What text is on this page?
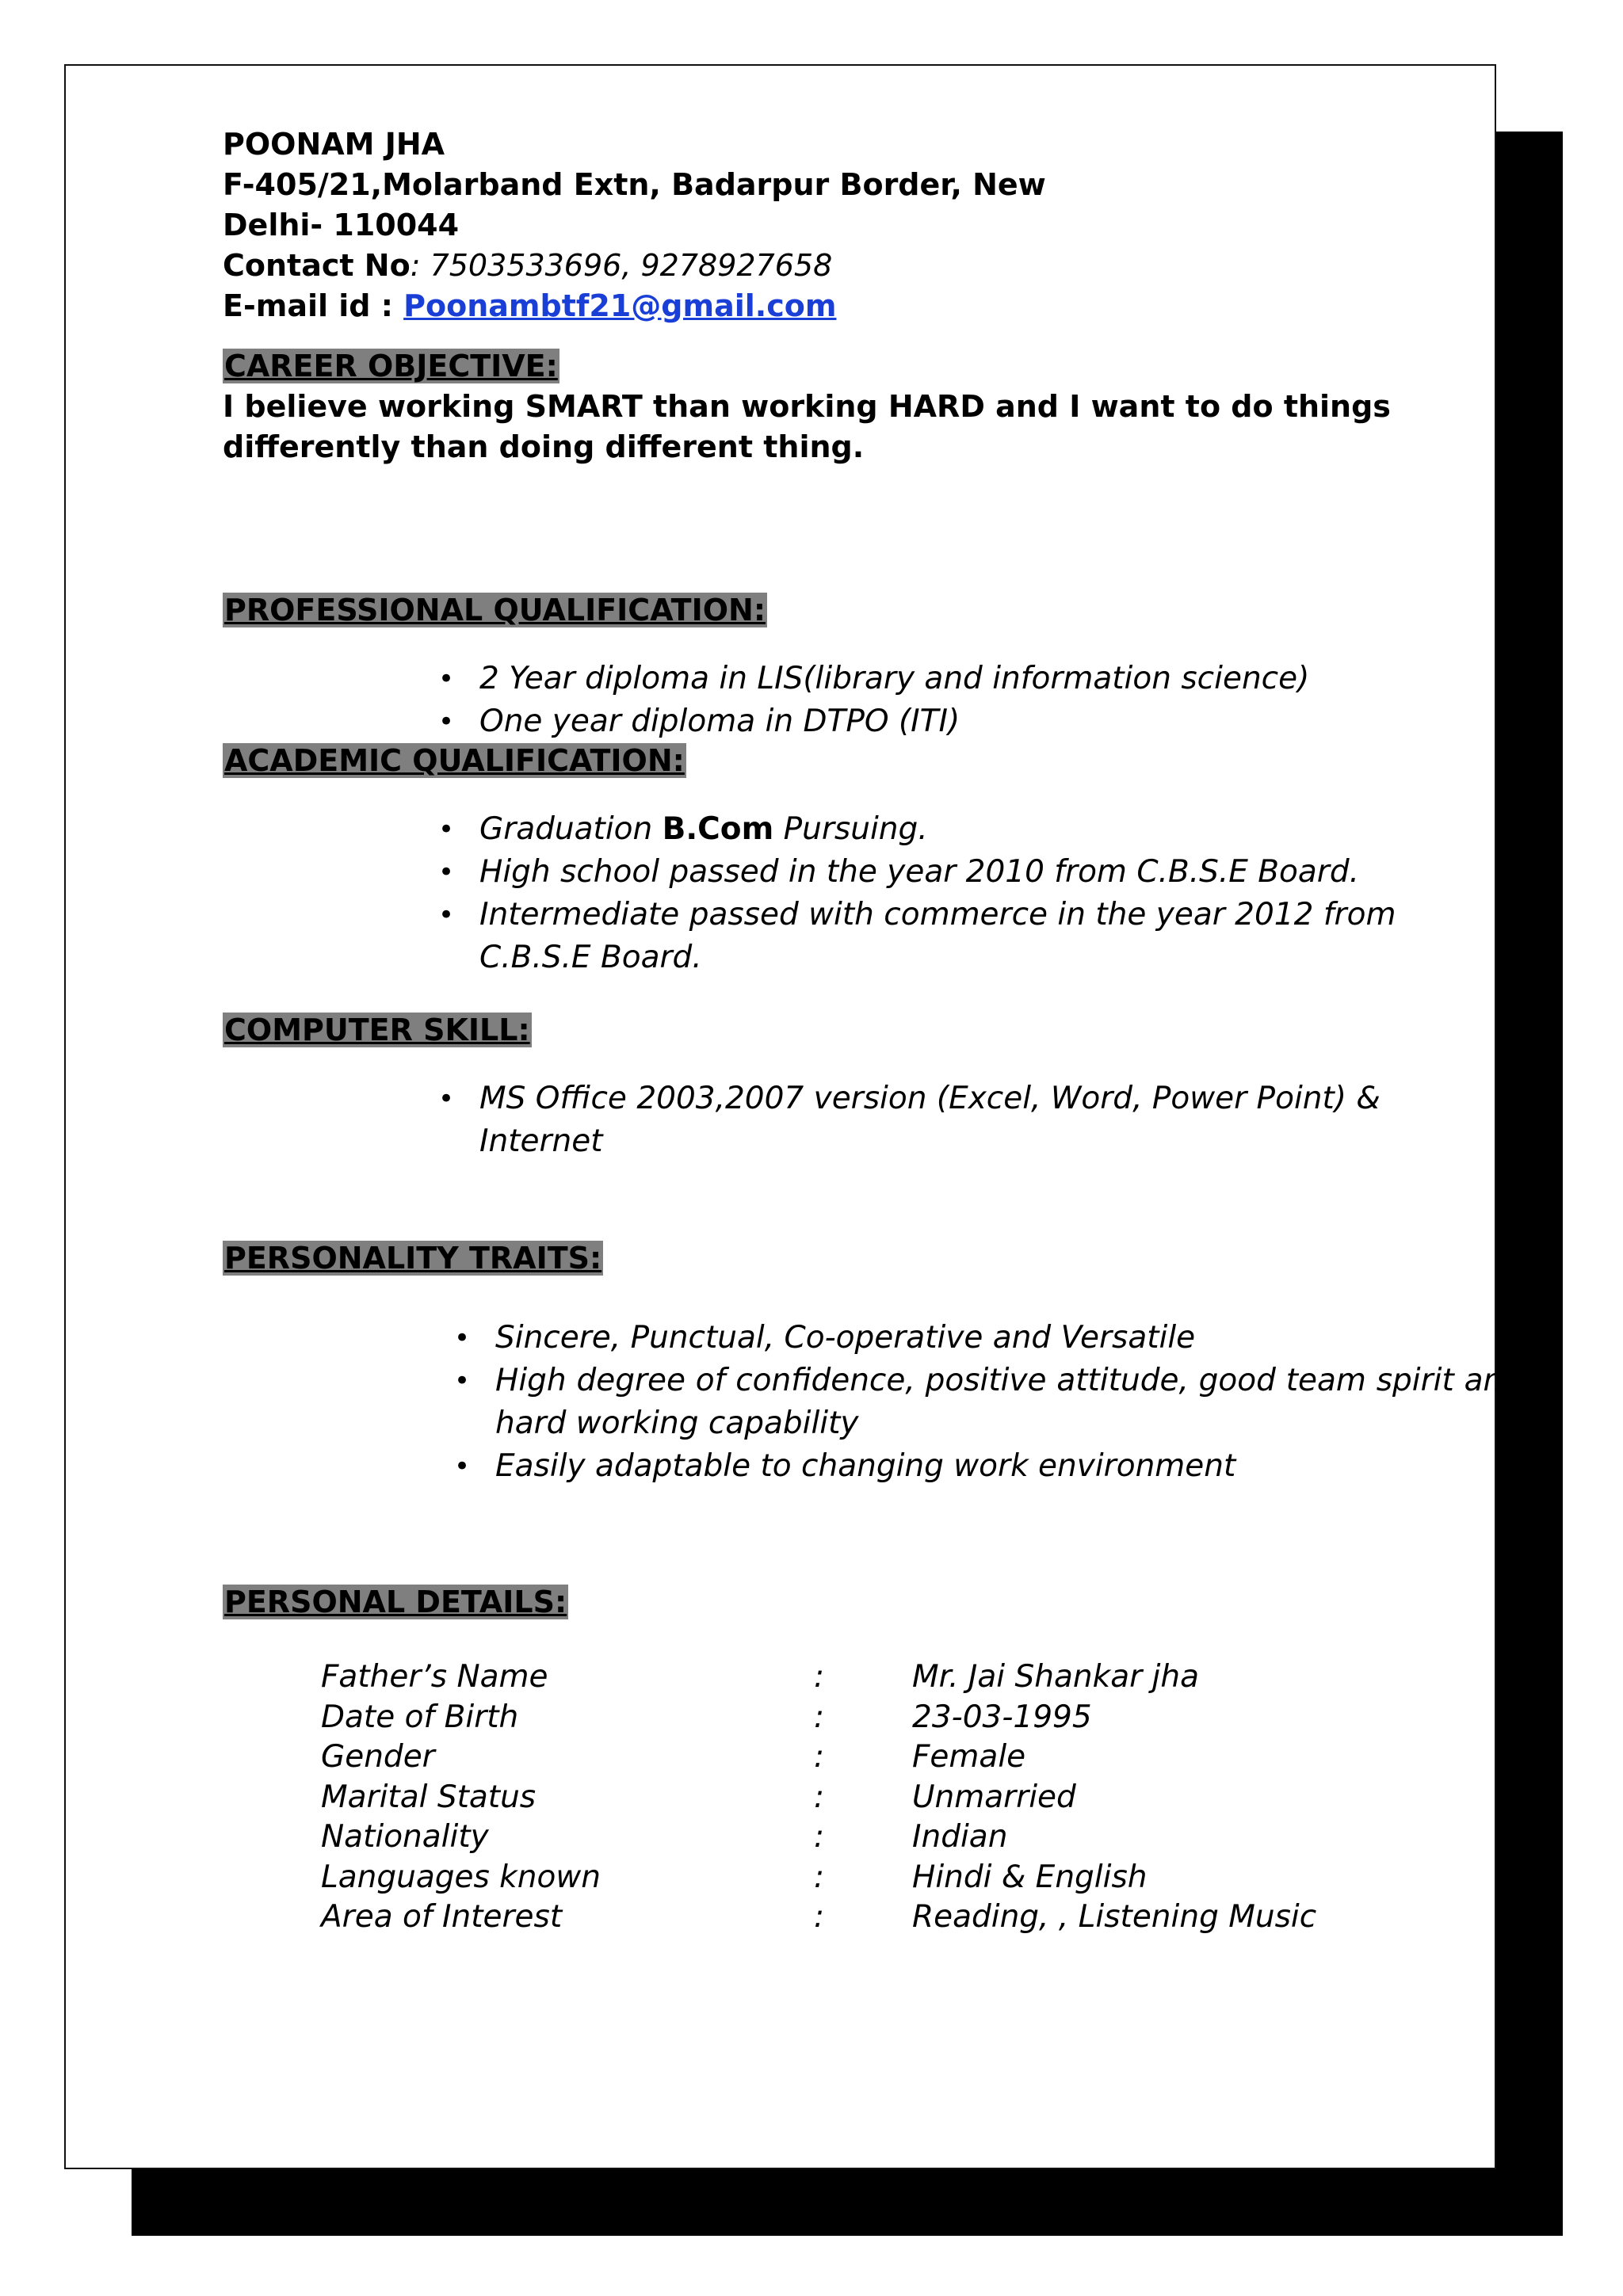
POONAM JHA
F-405/21,Molarband Extn, Badarpur Border, New
Delhi- 110044
Contact No: 7503533696, 9278927658
E-mail id : Poonambtf21@gmail.com
CAREER OBJECTIVE:
I believe working SMART than working HARD and I want to do things differently than doing different thing.
PROFESSIONAL QUALIFICATION:
• 2 Year diploma in LIS(library and information science)
• One year diploma in DTPO (ITI)
ACADEMIC QUALIFICATION:
• Graduation B.Com Pursuing.
• High school passed in the year 2010 from C.B.S.E Board.
• Intermediate passed with commerce in the year 2012 from C.B.S.E Board.
COMPUTER SKILL:
• MS Office 2003,2007 version (Excel, Word, Power Point) & Internet
PERSONALITY TRAITS:
• Sincere, Punctual, Co-operative and Versatile
• High degree of confidence, positive attitude, good team spirit and hard working capability
• Easily adaptable to changing work environment
PERSONAL DETAILS:
Father’s Name	:	Mr. Jai Shankar jha
Date of Birth	:	23-03-1995
Gender	:	Female
Marital Status	:	Unmarried
Nationality	:	Indian
Languages known	:	Hindi & English
Area of Interest	:	Reading, , Listening Music
